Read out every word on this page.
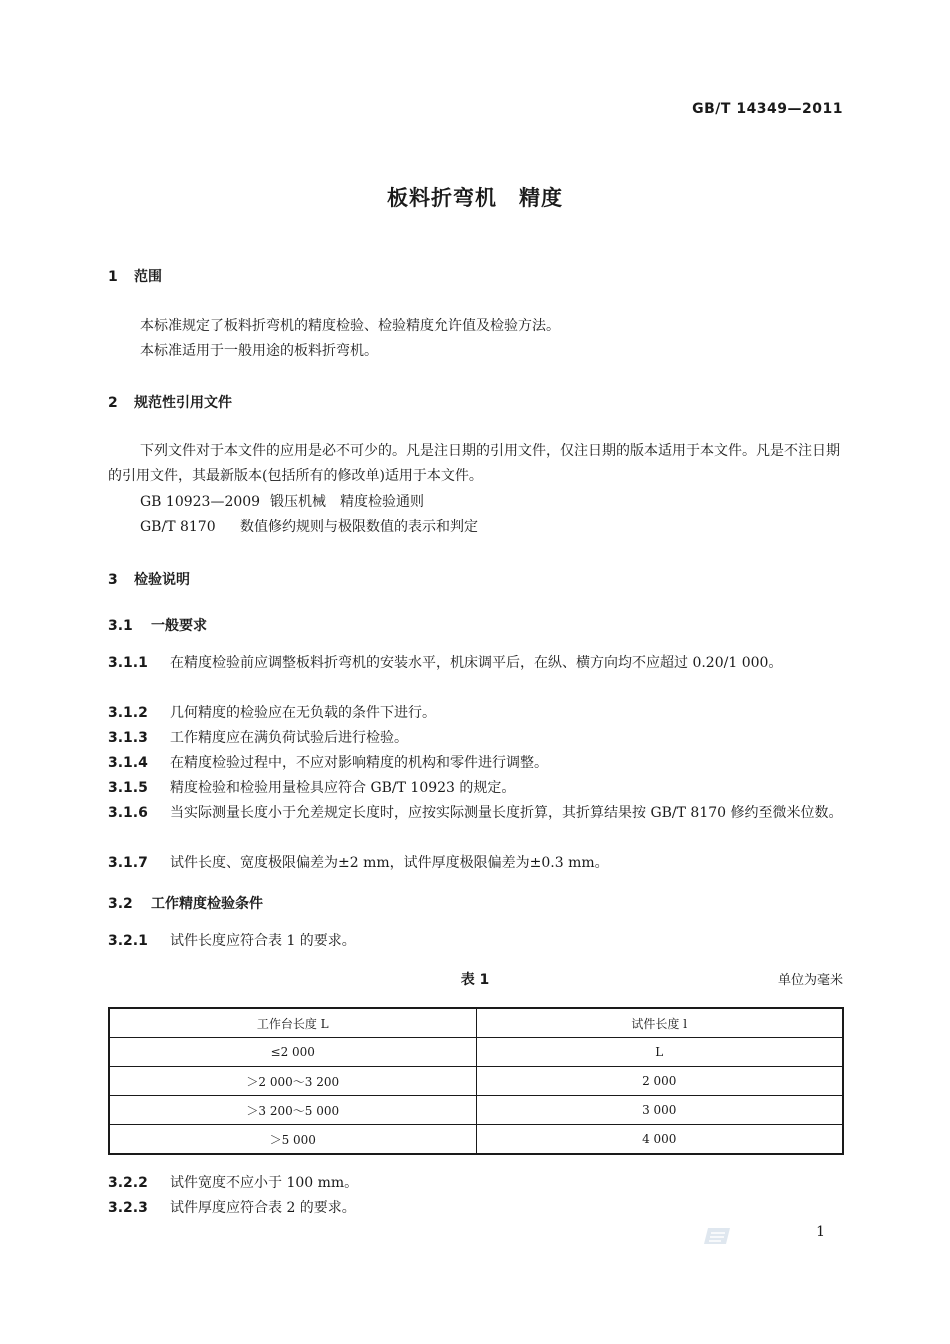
GB/T 14349—2011
板料折弯机　精度
1 范围
本标准规定了板料折弯机的精度检验、检验精度允许值及检验方法。
本标准适用于一般用途的板料折弯机。
2 规范性引用文件
下列文件对于本文件的应用是必不可少的。凡是注日期的引用文件，仅注日期的版本适用于本文件。凡是不注日期的引用文件，其最新版本(包括所有的修改单)适用于本文件。
GB 10923—2009 锻压机械　精度检验通则
GB/T 8170 数值修约规则与极限数值的表示和判定
3 检验说明
3.1 一般要求
3.1.1 在精度检验前应调整板料折弯机的安装水平，机床调平后，在纵、横方向均不应超过 0.20/1 000。
3.1.2 几何精度的检验应在无负载的条件下进行。
3.1.3 工作精度应在满负荷试验后进行检验。
3.1.4 在精度检验过程中，不应对影响精度的机构和零件进行调整。
3.1.5 精度检验和检验用量检具应符合 GB/T 10923 的规定。
3.1.6 当实际测量长度小于允差规定长度时，应按实际测量长度折算，其折算结果按 GB/T 8170 修约至微米位数。
3.1.7 试件长度、宽度极限偏差为±2 mm，试件厚度极限偏差为±0.3 mm。
3.2 工作精度检验条件
3.2.1 试件长度应符合表 1 的要求。
表 1	单位为毫米
工作台长度 L	试件长度 l
≤2 000	L
＞2 000～3 200	2 000
＞3 200～5 000	3 000
＞5 000	4 000
3.2.2 试件宽度不应小于 100 mm。
3.2.3 试件厚度应符合表 2 的要求。
1
